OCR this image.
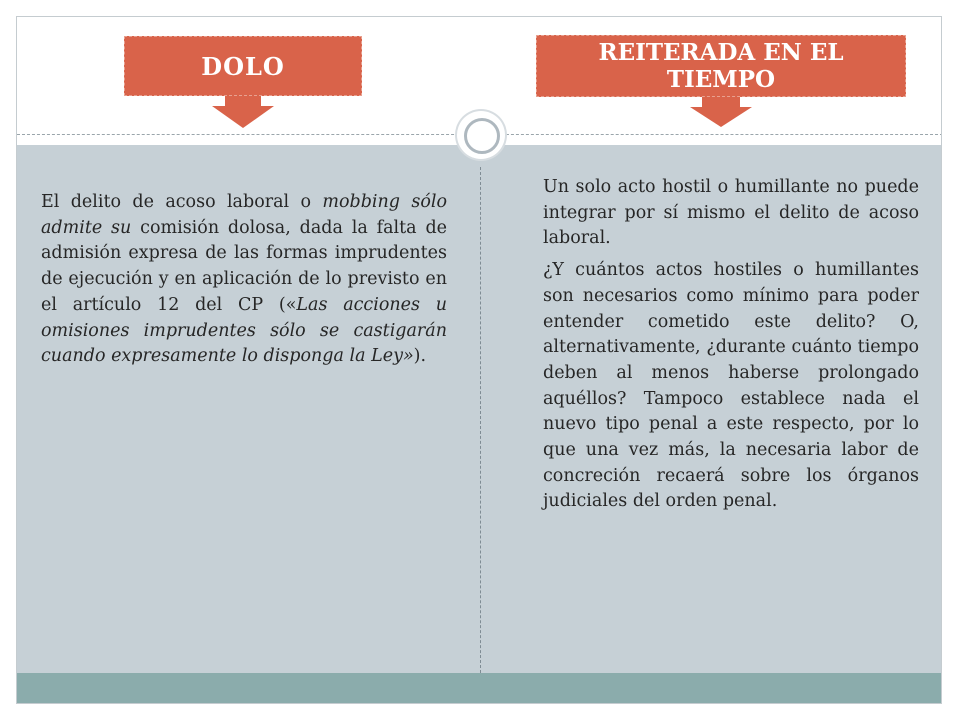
DOLO	REITERADA EN EL TIEMPO

El delito de acoso laboral o mobbing sólo admite su comisión dolosa, dada la falta de admisión expresa de las formas imprudentes de ejecución y en aplicación de lo previsto en el artículo 12 del CP («Las acciones u omisiones imprudentes sólo se castigarán cuando expresamente lo disponga la Ley»).

Un solo acto hostil o humillante no puede integrar por sí mismo el delito de acoso laboral.

¿Y cuántos actos hostiles o humillantes son necesarios como mínimo para poder entender cometido este delito? O, alternativamente, ¿durante cuánto tiempo deben al menos haberse prolongado aquéllos? Tampoco establece nada el nuevo tipo penal a este respecto, por lo que una vez más, la necesaria labor de concreción recaerá sobre los órganos judiciales del orden penal.
